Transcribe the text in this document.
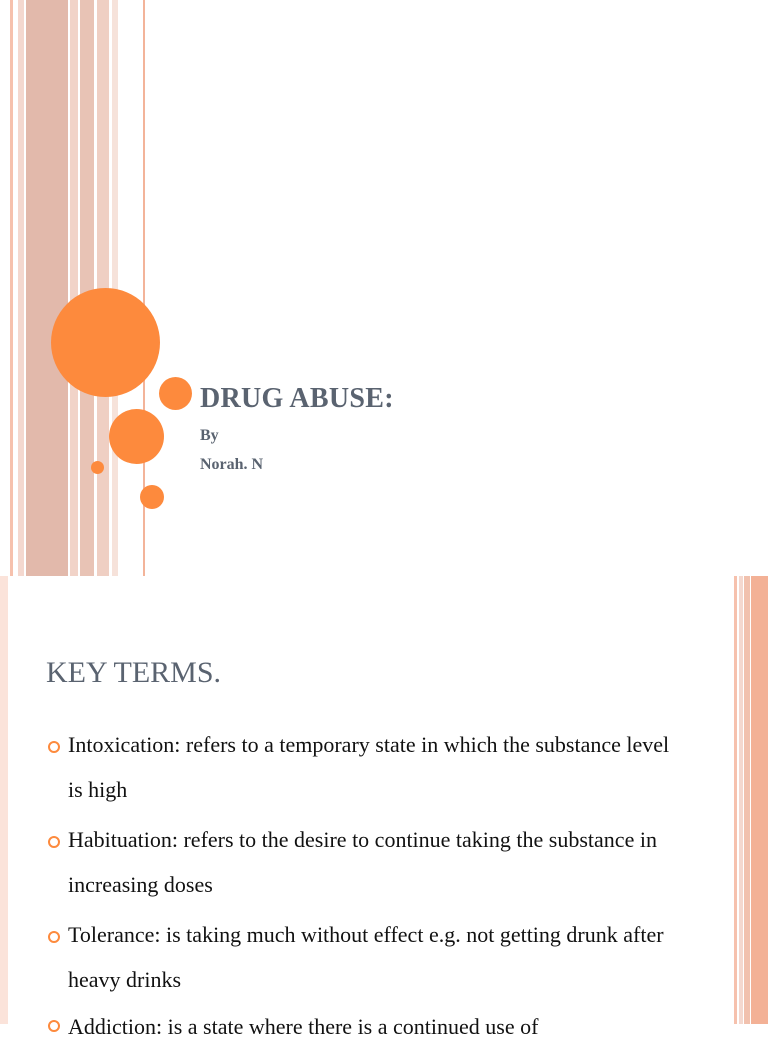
DRUG ABUSE:
By
Norah. N
KEY TERMS.
Intoxication: refers to a temporary state in which the substance level is high
Habituation: refers to the desire to continue taking the substance in increasing doses
Tolerance: is taking much without effect e.g. not getting drunk after heavy drinks
Addiction: is a state where there is a continued use of
